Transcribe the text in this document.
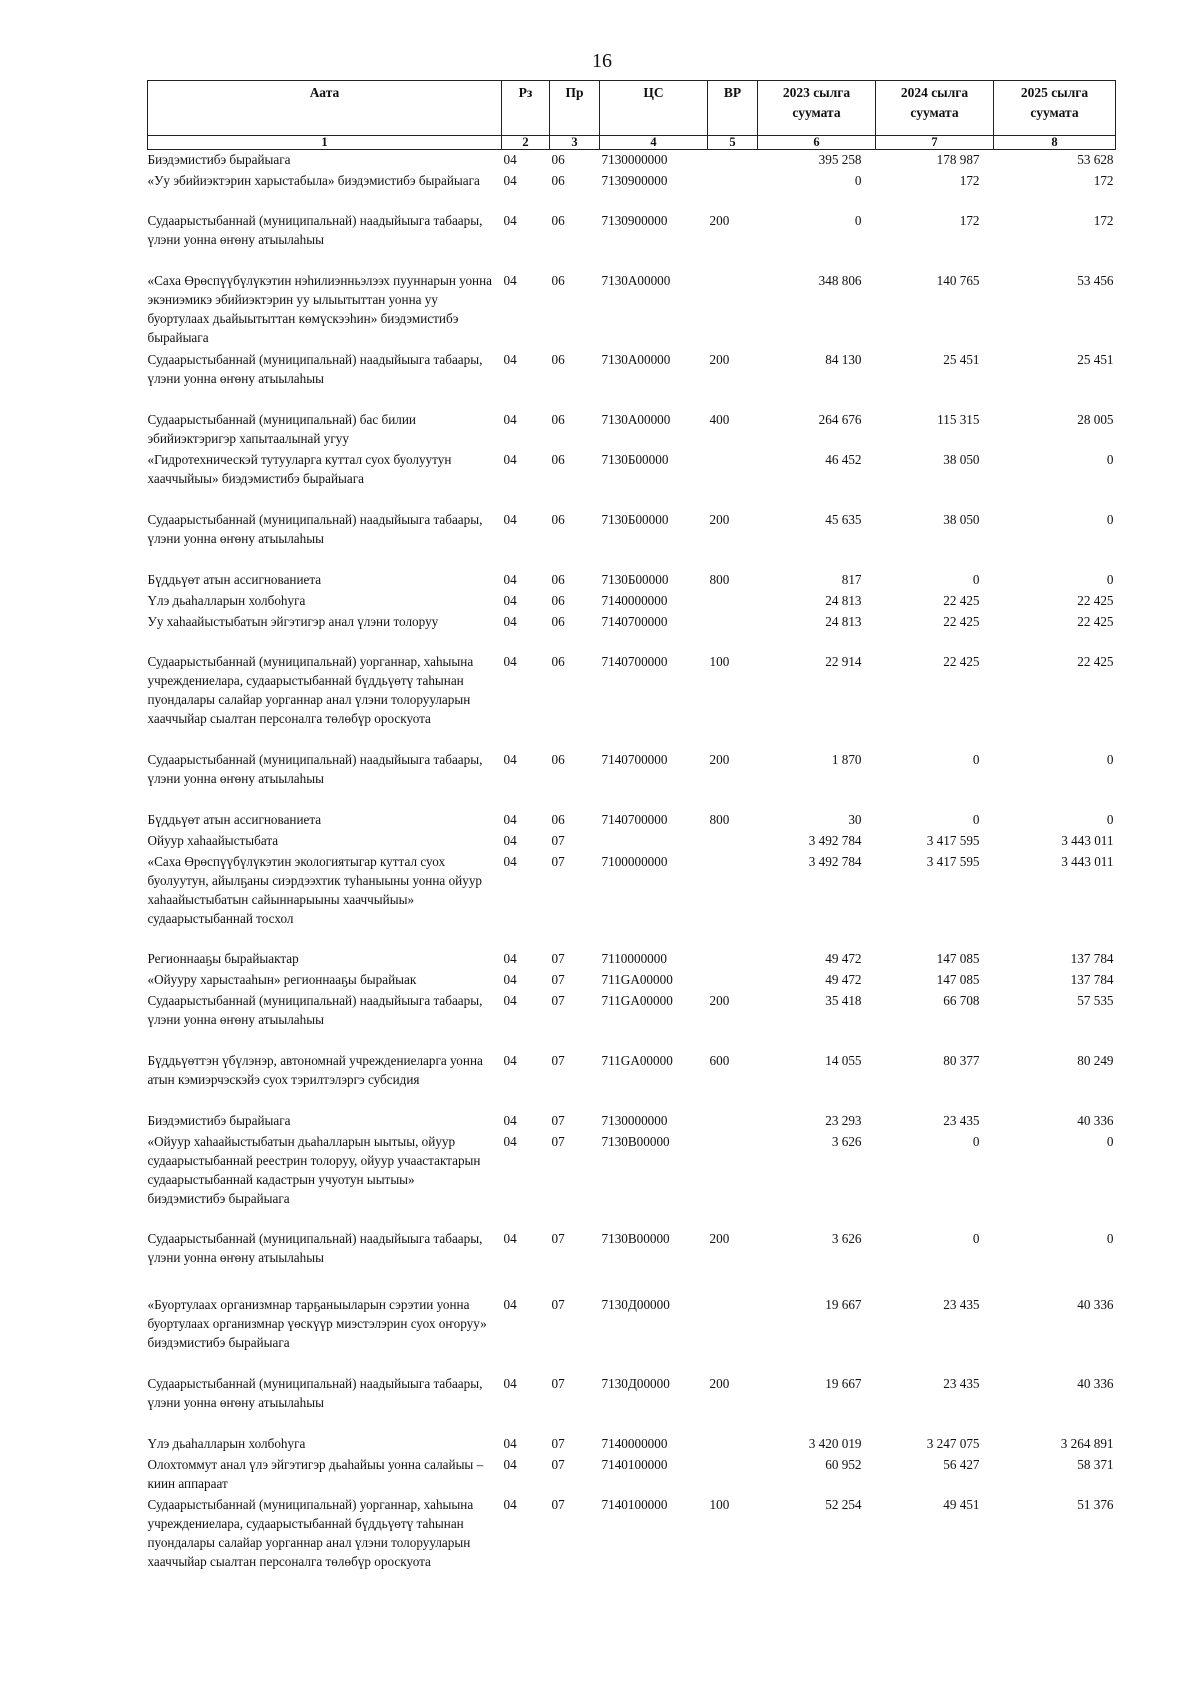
16
Аата	Рз	Пр	ЦС	ВР	2023 сылга суумата	2024 сылга суумата	2025 сылга суумата
1	2	3	4	5	6	7	8
Биэдэмистибэ бырайыага	04	06	7130000000		395 258	178 987	53 628
«Уу эбийиэктэрин харыстабыла» биэдэмистибэ бырайыага	04	06	7130900000		0	172	172
Судаарыстыбаннай (муниципальнай) наадыйыыга табаары, үлэни уонна өҥөну атыылаһыы	04	06	7130900000	200	0	172	172
«Саха Өрөспүүбүлүкэтин нэһилиэнньэлээх пууннарын уонна экэниэмикэ эбийиэктэрин уу ылыытыттан уонна уу буортулаах дьайыытыттан көмүскээһин» биэдэмистибэ бырайыага	04	06	7130А00000		348 806	140 765	53 456
Судаарыстыбаннай (муниципальнай) наадыйыыга табаары, үлэни уонна өҥөну атыылаһыы	04	06	7130А00000	200	84 130	25 451	25 451
Судаарыстыбаннай (муниципальнай) бас билии эбийиэктэригэр хапытаалынай угуу	04	06	7130А00000	400	264 676	115 315	28 005
«Гидротехническэй тутууларга куттал суох буолуутун хааччыйыы» биэдэмистибэ бырайыага	04	06	7130Б00000		46 452	38 050	0
Судаарыстыбаннай (муниципальнай) наадыйыыга табаары, үлэни уонна өҥөну атыылаһыы	04	06	7130Б00000	200	45 635	38 050	0
Бүддьүөт атын ассигнованиета	04	06	7130Б00000	800	817	0	0
Үлэ дьаһалларын холбоһуга	04	06	7140000000		24 813	22 425	22 425
Уу хаһаайыстыбатын эйгэтигэр анал үлэни толоруу	04	06	7140700000		24 813	22 425	22 425
Судаарыстыбаннай (муниципальнай) уорганнар, хаһыына учреждениелара, судаарыстыбаннай бүддьүөтү таһынан пуондалары салайар уорганнар анал үлэни толорууларын хааччыйар сыалтан персоналга төлөбүр ороскуота	04	06	7140700000	100	22 914	22 425	22 425
Судаарыстыбаннай (муниципальнай) наадыйыыга табаары, үлэни уонна өҥөну атыылаһыы	04	06	7140700000	200	1 870	0	0
Бүддьүөт атын ассигнованиета	04	06	7140700000	800	30	0	0
Ойуур хаһаайыстыбата	04	07			3 492 784	3 417 595	3 443 011
«Саха Өрөспүүбүлүкэтин экологиятыгар куттал суох буолуутун, айылҕаны сиэрдээхтик туһаныыны уонна ойуур хаһаайыстыбатын сайыннарыыны хааччыйыы» судаарыстыбаннай тосхол	04	07	7100000000		3 492 784	3 417 595	3 443 011
Регионнааҕы бырайыактар	04	07	7110000000		49 472	147 085	137 784
«Ойууру харыстааһын» регионнааҕы бырайыак	04	07	711GA00000		49 472	147 085	137 784
Судаарыстыбаннай (муниципальнай) наадыйыыга табаары, үлэни уонна өҥөну атыылаһыы	04	07	711GA00000	200	35 418	66 708	57 535
Бүддьүөттэн үбүлэнэр, автономнай учреждениеларга уонна атын кэмиэрчэскэйэ суох тэрилтэлэргэ субсидия	04	07	711GA00000	600	14 055	80 377	80 249
Биэдэмистибэ бырайыага	04	07	7130000000		23 293	23 435	40 336
«Ойуур хаһаайыстыбатын дьаһалларын ыытыы, ойуур судаарыстыбаннай реестрин толоруу, ойуур учаастактарын судаарыстыбаннай кадастрын учуотун ыытыы» биэдэмистибэ бырайыага	04	07	7130В00000		3 626	0	0
Судаарыстыбаннай (муниципальнай) наадыйыыга табаары, үлэни уонна өҥөну атыылаһыы	04	07	7130В00000	200	3 626	0	0
«Буортулаах организмнар тарҕаныыларын сэрэтии уонна буортулаах организмнар үөскүүр миэстэлэрин суох оҥоруу» биэдэмистибэ бырайыага	04	07	7130Д00000		19 667	23 435	40 336
Судаарыстыбаннай (муниципальнай) наадыйыыга табаары, үлэни уонна өҥөну атыылаһыы	04	07	7130Д00000	200	19 667	23 435	40 336
Үлэ дьаһалларын холбоһуга	04	07	7140000000		3 420 019	3 247 075	3 264 891
Олохтоммут анал үлэ эйгэтигэр дьаһайыы уонна салайыы – киин аппараат	04	07	7140100000		60 952	56 427	58 371
Судаарыстыбаннай (муниципальнай) уорганнар, хаһыына учреждениелара, судаарыстыбаннай бүддьүөтү таһынан пуондалары салайар уорганнар анал үлэни толорууларын хааччыйар сыалтан персоналга төлөбүр ороскуота	04	07	7140100000	100	52 254	49 451	51 376
